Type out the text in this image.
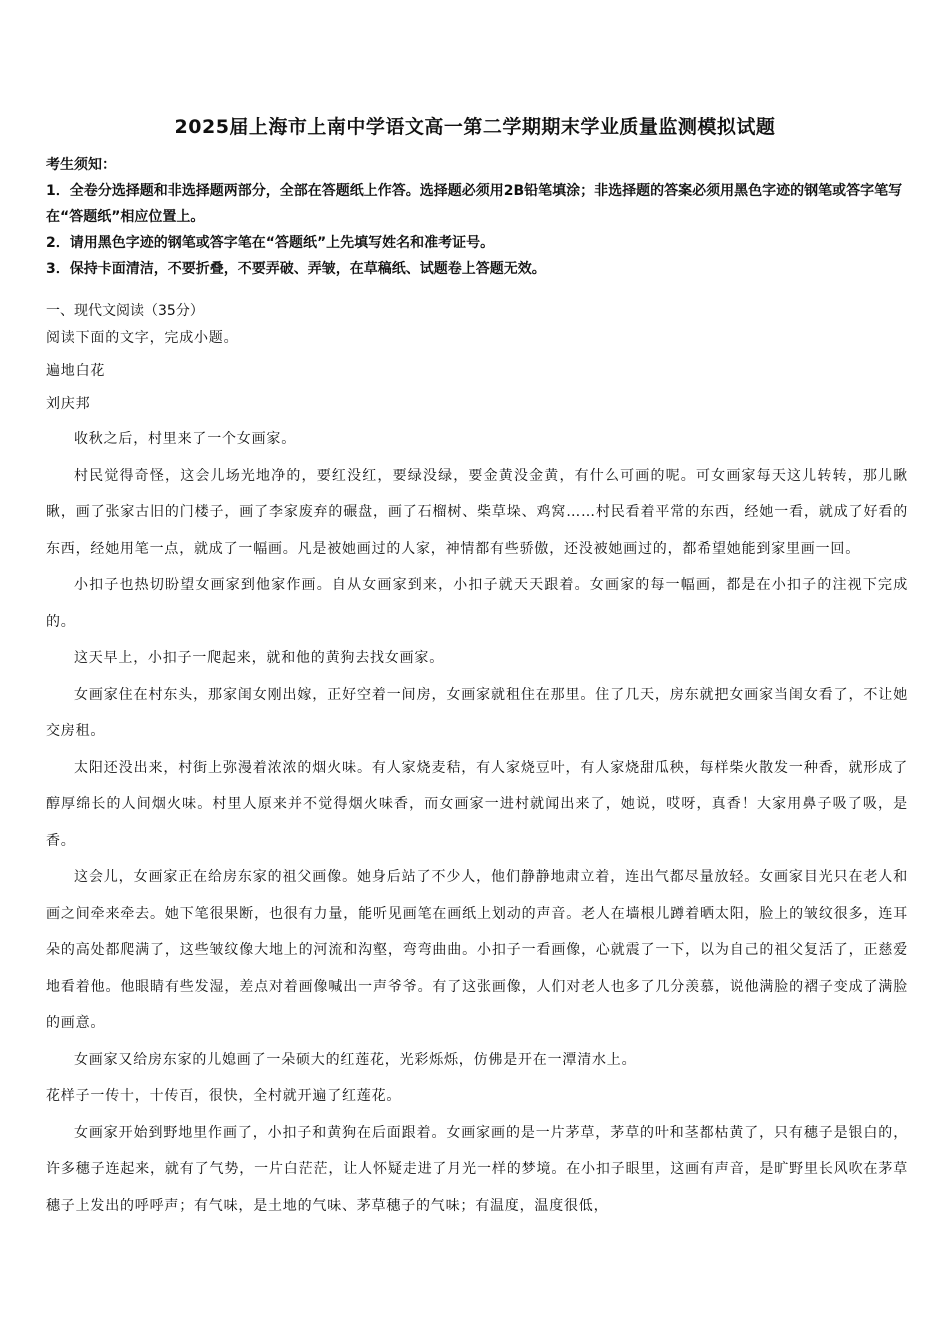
2025届上海市上南中学语文高一第二学期期末学业质量监测模拟试题

考生须知：

1．全卷分选择题和非选择题两部分，全部在答题纸上作答。选择题必须用2B铅笔填涂；非选择题的答案必须用黑色字迹的钢笔或答字笔写在“答题纸”相应位置上。

2．请用黑色字迹的钢笔或答字笔在“答题纸”上先填写姓名和准考证号。

3．保持卡面清洁，不要折叠，不要弄破、弄皱，在草稿纸、试题卷上答题无效。

一、现代文阅读（35分）

阅读下面的文字，完成小题。

遍地白花

刘庆邦

收秋之后，村里来了一个女画家。

村民觉得奇怪，这会儿场光地净的，要红没红，要绿没绿，要金黄没金黄，有什么可画的呢。可女画家每天这儿转转，那儿瞅瞅，画了张家古旧的门楼子，画了李家废弃的碾盘，画了石榴树、柴草垛、鸡窝……村民看着平常的东西，经她一看，就成了好看的东西，经她用笔一点，就成了一幅画。凡是被她画过的人家，神情都有些骄傲，还没被她画过的，都希望她能到家里画一回。

小扣子也热切盼望女画家到他家作画。自从女画家到来，小扣子就天天跟着。女画家的每一幅画，都是在小扣子的注视下完成的。

这天早上，小扣子一爬起来，就和他的黄狗去找女画家。

女画家住在村东头，那家闺女刚出嫁，正好空着一间房，女画家就租住在那里。住了几天，房东就把女画家当闺女看了，不让她交房租。

太阳还没出来，村街上弥漫着浓浓的烟火味。有人家烧麦秸，有人家烧豆叶，有人家烧甜瓜秧，每样柴火散发一种香，就形成了醇厚绵长的人间烟火味。村里人原来并不觉得烟火味香，而女画家一进村就闻出来了，她说，哎呀，真香！大家用鼻子吸了吸，是香。

这会儿，女画家正在给房东家的祖父画像。她身后站了不少人，他们静静地肃立着，连出气都尽量放轻。女画家目光只在老人和画之间牵来牵去。她下笔很果断，也很有力量，能听见画笔在画纸上划动的声音。老人在墙根儿蹲着晒太阳，脸上的皱纹很多，连耳朵的高处都爬满了，这些皱纹像大地上的河流和沟壑，弯弯曲曲。小扣子一看画像，心就震了一下，以为自己的祖父复活了，正慈爱地看着他。他眼睛有些发湿，差点对着画像喊出一声爷爷。有了这张画像，人们对老人也多了几分羡慕，说他满脸的褶子变成了满脸的画意。

女画家又给房东家的儿媳画了一朵硕大的红莲花，光彩烁烁，仿佛是开在一潭清水上。

花样子一传十，十传百，很快，全村就开遍了红莲花。

女画家开始到野地里作画了，小扣子和黄狗在后面跟着。女画家画的是一片茅草，茅草的叶和茎都枯黄了，只有穗子是银白的，许多穗子连起来，就有了气势，一片白茫茫，让人怀疑走进了月光一样的梦境。在小扣子眼里，这画有声音，是旷野里长风吹在茅草穗子上发出的呼呼声；有气味，是土地的气味、茅草穗子的气味；有温度，温度很低，
